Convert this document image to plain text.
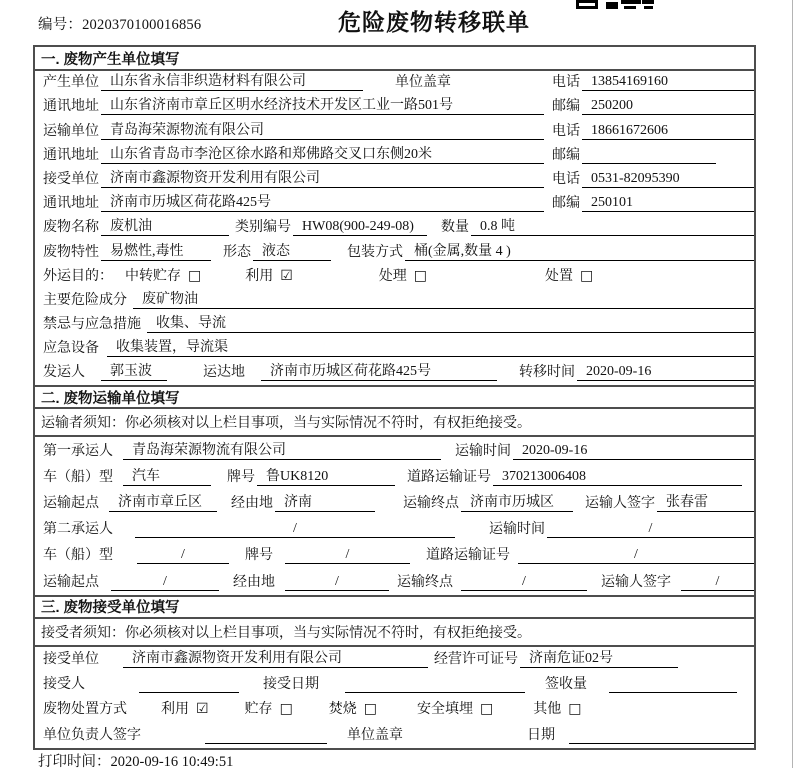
编号：2020370100016856	危险废物转移联单
一. 废物产生单位填写
产生单位 山东省永信非织造材料有限公司	单位盖章	电话 13854169160
通讯地址 山东省济南市章丘区明水经济技术开发区工业一路501号	邮编 250200
运输单位 青岛海荣源物流有限公司	电话 18661672606
通讯地址 山东省青岛市李沧区徐水路和郑佛路交叉口东侧20米	邮编
接受单位 济南市鑫源物资开发利用有限公司	电话 0531-82095390
通讯地址 济南市历城区荷花路425号	邮编 250101
废物名称 废机油	类别编号 HW08(900-249-08)	数量 0.8 吨
废物特性 易燃性,毒性	形态 液态	包装方式 桶(金属,数量 4 )
外运目的： 中转贮存 □	利用 ☑	处理 □	处置 □
主要危险成分	废矿物油
禁忌与应急措施	收集、导流
应急设备	收集装置，导流渠
发运人	郭玉波	运达地	济南市历城区荷花路425号	转移时间 2020-09-16
二. 废物运输单位填写
运输者须知：你必须核对以上栏目事项，当与实际情况不符时，有权拒绝接受。
第一承运人	青岛海荣源物流有限公司	运输时间 2020-09-16
车（船）型	汽车	牌号 鲁UK8120	道路运输证号 370213006408
运输起点	济南市章丘区	经由地 济南	运输终点 济南市历城区	运输人签字 张春雷
第二承运人	/	运输时间	/
车（船）型	/	牌号	/	道路运输证号	/
运输起点	/	经由地	/	运输终点	/	运输人签字	/
三. 废物接受单位填写
接受者须知：你必须核对以上栏目事项，当与实际情况不符时，有权拒绝接受。
接受单位	济南市鑫源物资开发利用有限公司	经营许可证号 济南危证02号
接受人	接受日期	签收量
废物处置方式 利用 ☑	贮存 □	焚烧 □	安全填埋 □	其他 □
单位负责人签字	单位盖章	日期
打印时间：2020-09-16 10:49:51
